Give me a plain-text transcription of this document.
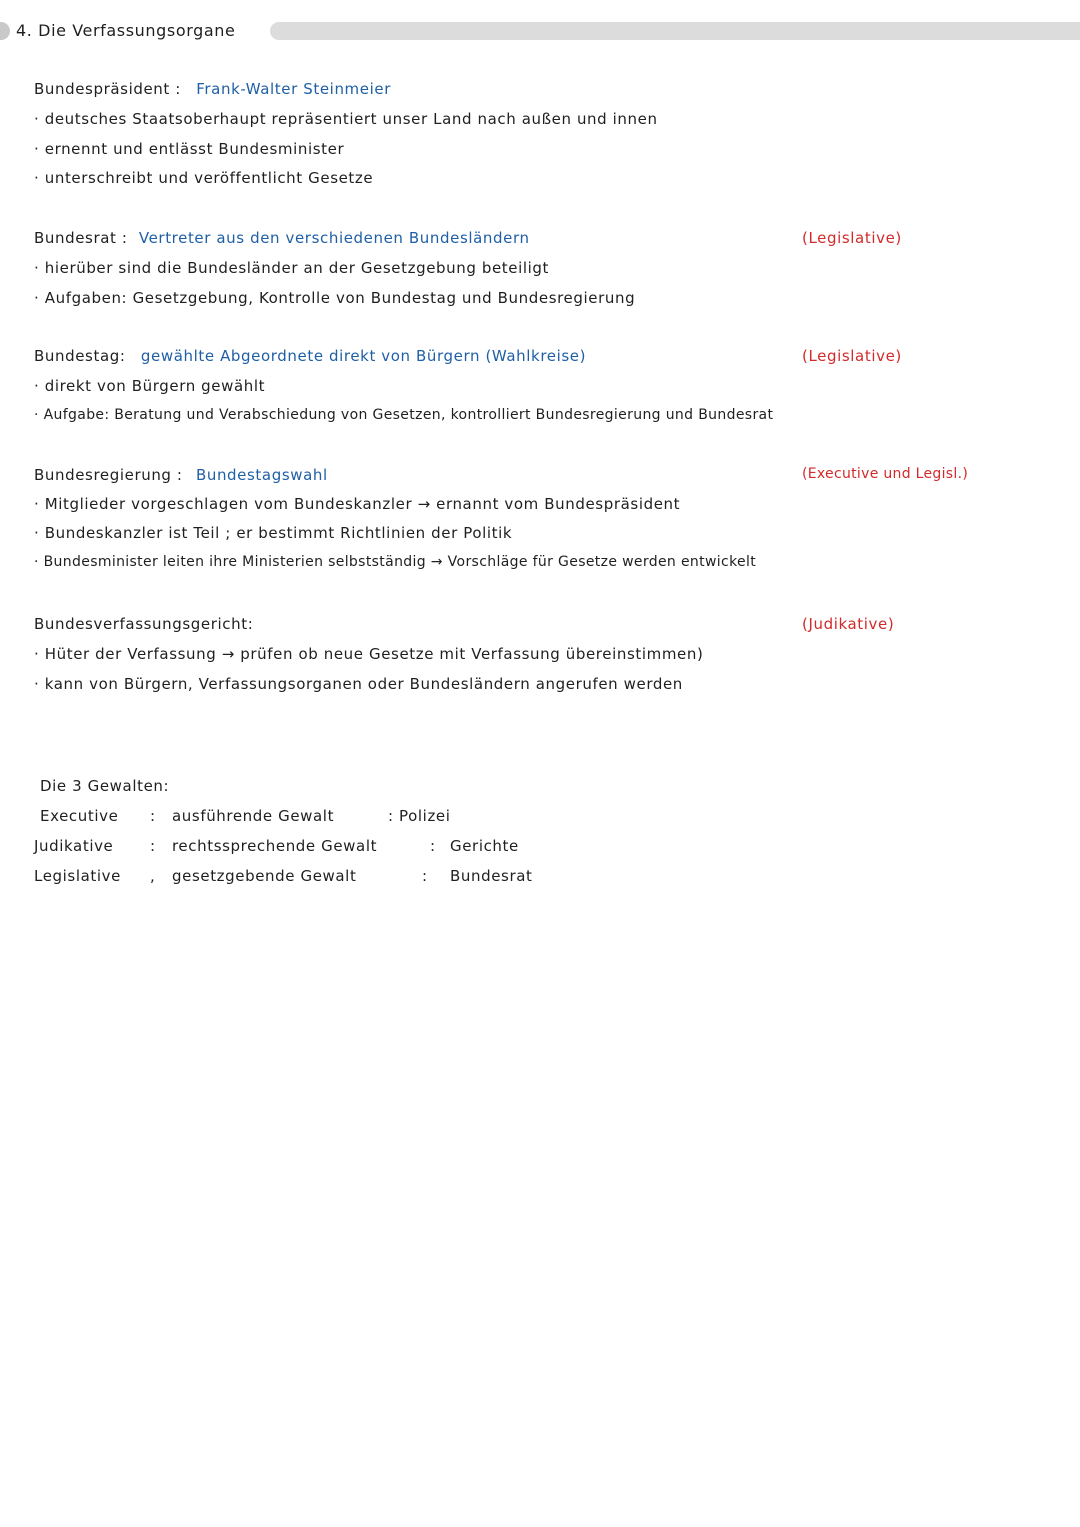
4. Die Verfassungsorgane
Bundespräsident : Frank-Walter Steinmeier
· deutsches Staatsoberhaupt repräsentiert unser Land nach außen und innen
· ernennt und entlässt Bundesminister
· unterschreibt und veröffentlicht Gesetze
Bundesrat : Vertreter aus den verschiedenen Bundesländern	(Legislative)
· hierüber sind die Bundesländer an der Gesetzgebung beteiligt
· Aufgaben: Gesetzgebung, Kontrolle von Bundestag und Bundesregierung
Bundestag: gewählte Abgeordnete direkt von Bürgern (Wahlkreise)	(Legislative)
· direkt von Bürgern gewählt
· Aufgabe: Beratung und Verabschiedung von Gesetzen, kontrolliert Bundesregierung und Bundesrat
Bundesregierung : Bundestagswahl	(Executive und Legisl.)
· Mitglieder vorgeschlagen vom Bundeskanzler → ernannt vom Bundespräsident
· Bundeskanzler ist Teil ; er bestimmt Richtlinien der Politik
· Bundesminister leiten ihre Ministerien selbstständig → Vorschläge für Gesetze werden entwickelt
Bundesverfassungsgericht:	(Judikative)
· Hüter der Verfassung → prüfen ob neue Gesetze mit Verfassung übereinstimmen)
· kann von Bürgern, Verfassungsorganen oder Bundesländern angerufen werden
Die 3 Gewalten:
Executive : ausführende Gewalt	: Polizei
Judikative : rechtssprechende Gewalt	: Gerichte
Legislative , gesetzgebende Gewalt	: Bundesrat
